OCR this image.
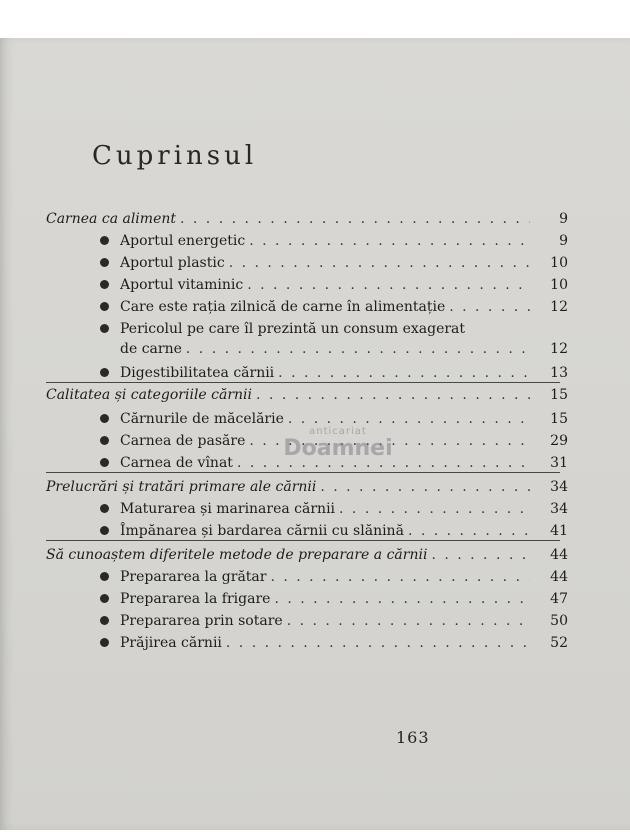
Cuprinsul
Carnea ca aliment . . .	9
Aportul energetic . . .	9
Aportul plastic . . .	10
Aportul vitaminic . . .	10
Care este rația zilnică de carne în alimentație . . .	12
Pericolul pe care îl prezintă un consum exagerat
de carne . . .	12
Digestibilitatea cărnii . . .	13
Calitatea și categoriile cărnii . . .	15
Cărnurile de măcelărie . . .	15
Carnea de pasăre . . .	29
Carnea de vînat . . .	31
Prelucrări și tratări primare ale cărnii . . .	34
Maturarea și marinarea cărnii . . .	34
Împănarea și bardarea cărnii cu slănină . . .	41
Să cunoaștem diferitele metode de preparare a cărnii . . .	44
Prepararea la grătar . . .	44
Prepararea la frigare . . .	47
Prepararea prin sotare . . .	50
Prăjirea cărnii . . .	52
anticariat
Doamnei
163
